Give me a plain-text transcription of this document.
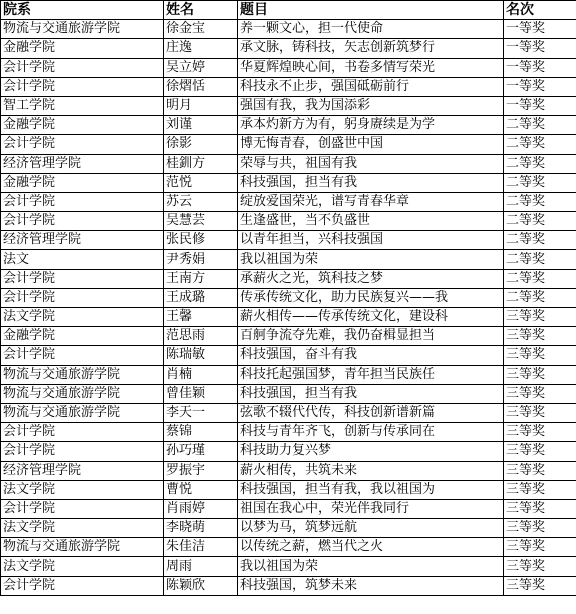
院系	姓名	题目	名次
物流与交通旅游学院	徐金宝	养一颗文心，担一代使命	一等奖
金融学院	庄逸	承文脉，铸科技，矢志创新筑梦行	一等奖
会计学院	吴立婷	华夏辉煌映心间，书卷多情写荣光	一等奖
会计学院	徐熠恬	科技永不止步，强国砥砺前行	一等奖
智工学院	明月	强国有我，我为国添彩	一等奖
金融学院	刘谨	承本灼新方为有，躬身赓续是为学	二等奖
会计学院	徐影	博无悔青春，创盛世中国	二等奖
经济管理学院	桂釧方	荣辱与共，祖国有我	二等奖
金融学院	范悦	科技强国，担当有我	二等奖
会计学院	苏云	绽放爱国荣光，谱写青春华章	二等奖
会计学院	吴慧芸	生逢盛世，当不负盛世	二等奖
经济管理学院	张民修	以青年担当，兴科技强国	二等奖
法文	尹秀娟	我以祖国为荣	二等奖
会计学院	王南方	承薪火之光，筑科技之梦	二等奖
会计学院	王成璐	传承传统文化，助力民族复兴——我	二等奖
法文学院	王馨	薪火相传——传承传统文化，建设科	三等奖
金融学院	范思雨	百舸争流夺先难，我仍奋楫显担当	三等奖
会计学院	陈瑞敏	科技强国，奋斗有我	三等奖
物流与交通旅游学院	肖楠	科技托起强国梦，青年担当民族任	三等奖
物流与交通旅游学院	曾佳颖	科技强国，担当有我	三等奖
物流与交通旅游学院	李天一	弦歌不辍代代传，科技创新谱新篇	三等奖
会计学院	蔡锦	科技与青年齐飞，创新与传承同在	三等奖
会计学院	孙巧瑾	科技助力复兴梦	三等奖
经济管理学院	罗振宇	薪火相传，共筑未来	三等奖
法文学院	曹悦	科技强国，担当有我，我以祖国为	三等奖
会计学院	肖雨婷	祖国在我心中，荣光伴我同行	三等奖
法文学院	李晓萌	以梦为马，筑梦远航	三等奖
物流与交通旅游学院	朱佳洁	以传统之薪，燃当代之火	三等奖
法文学院	周雨	我以祖国为荣	三等奖
会计学院	陈颖欣	科技强国，筑梦未来	三等奖
